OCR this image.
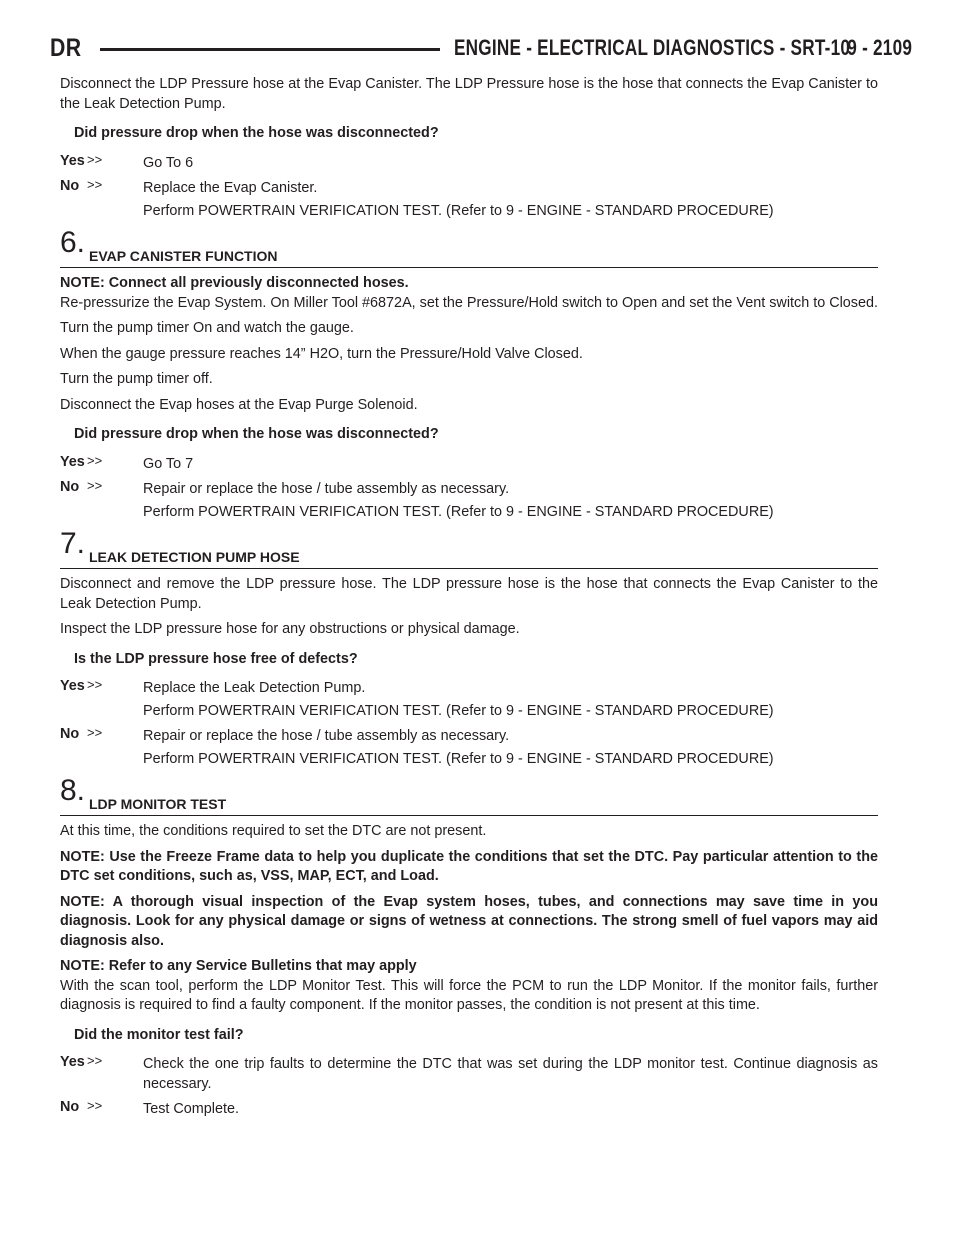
DR	ENGINE - ELECTRICAL DIAGNOSTICS - SRT-10
9 - 2109

Disconnect the LDP Pressure hose at the Evap Canister. The LDP Pressure hose is the hose that connects the Evap Canister to the Leak Detection Pump.

Did pressure drop when the hose was disconnected?
Yes >>	Go To 6
No >>	Replace the Evap Canister.
Perform POWERTRAIN VERIFICATION TEST. (Refer to 9 - ENGINE - STANDARD PROCEDURE)
6. EVAP CANISTER FUNCTION

NOTE: Connect all previously disconnected hoses.

Re-pressurize the Evap System. On Miller Tool #6872A, set the Pressure/Hold switch to Open and set the Vent switch to Closed.

Turn the pump timer On and watch the gauge.

When the gauge pressure reaches 14” H2O, turn the Pressure/Hold Valve Closed.

Turn the pump timer off.

Disconnect the Evap hoses at the Evap Purge Solenoid.

Did pressure drop when the hose was disconnected?
Yes >>	Go To 7
No >>	Repair or replace the hose / tube assembly as necessary.
Perform POWERTRAIN VERIFICATION TEST. (Refer to 9 - ENGINE - STANDARD PROCEDURE)
7. LEAK DETECTION PUMP HOSE

Disconnect and remove the LDP pressure hose. The LDP pressure hose is the hose that connects the Evap Canister to the Leak Detection Pump.

Inspect the LDP pressure hose for any obstructions or physical damage.

Is the LDP pressure hose free of defects?
Yes >>	Replace the Leak Detection Pump.
Perform POWERTRAIN VERIFICATION TEST. (Refer to 9 - ENGINE - STANDARD PROCEDURE)
No >>	Repair or replace the hose / tube assembly as necessary.
Perform POWERTRAIN VERIFICATION TEST. (Refer to 9 - ENGINE - STANDARD PROCEDURE)
8. LDP MONITOR TEST

At this time, the conditions required to set the DTC are not present.

NOTE: Use the Freeze Frame data to help you duplicate the conditions that set the DTC. Pay particular attention to the DTC set conditions, such as, VSS, MAP, ECT, and Load.

NOTE: A thorough visual inspection of the Evap system hoses, tubes, and connections may save time in you diagnosis. Look for any physical damage or signs of wetness at connections. The strong smell of fuel vapors may aid diagnosis also.

NOTE: Refer to any Service Bulletins that may apply

With the scan tool, perform the LDP Monitor Test. This will force the PCM to run the LDP Monitor. If the monitor fails, further diagnosis is required to find a faulty component. If the monitor passes, the condition is not present at this time.

Did the monitor test fail?
Yes >>	Check the one trip faults to determine the DTC that was set during the LDP monitor test. Continue diagnosis as necessary.
No >>	Test Complete.
